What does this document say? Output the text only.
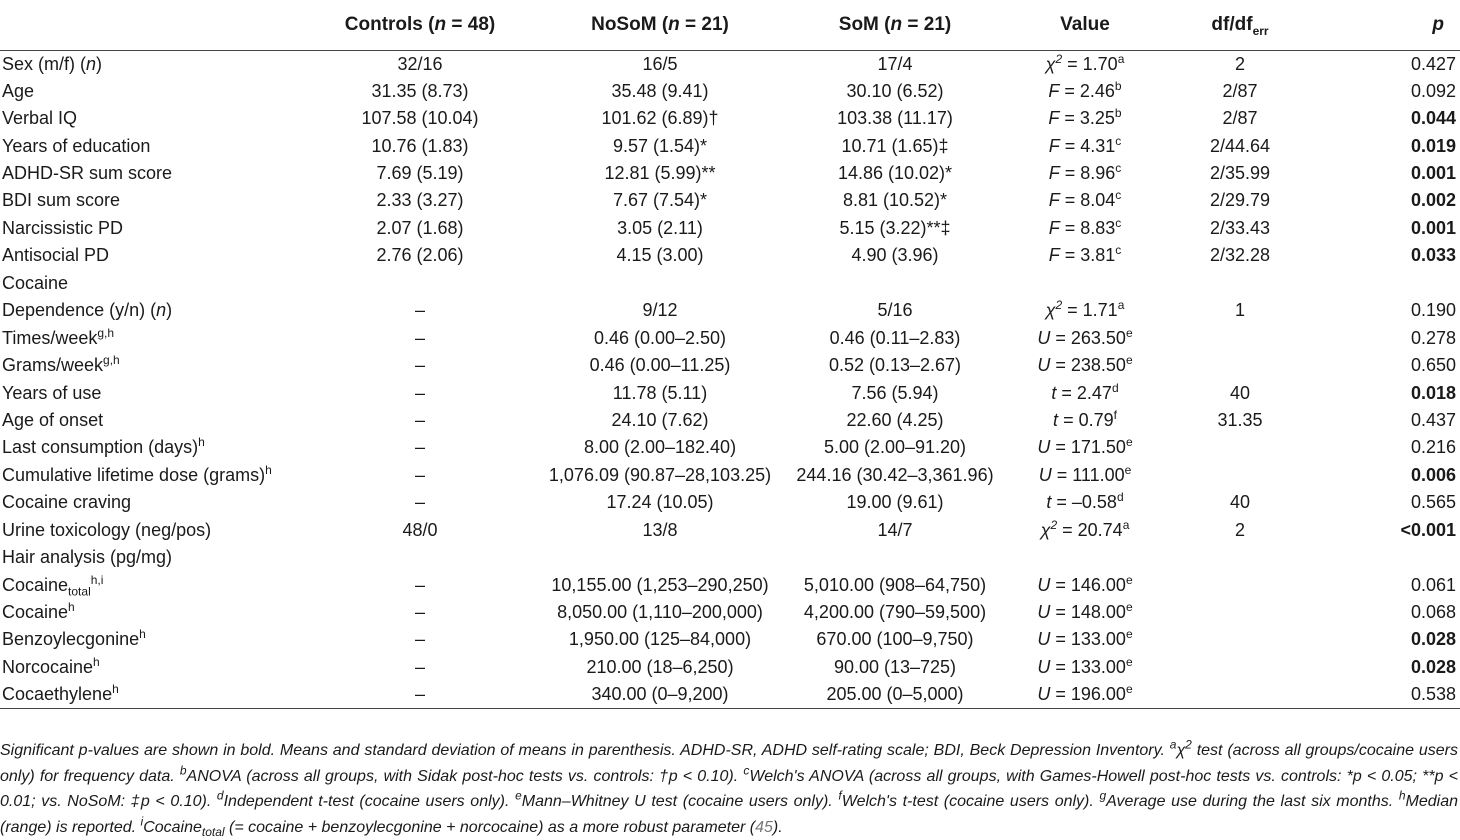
	Controls (n = 48)	NoSoM (n = 21)	SoM (n = 21)	Value	$df/df_{err}$	p
Sex (m/f) (n)	32/16	16/5	17/4	$\chi^2 = 1.70^a$	2	0.427
Age	31.35 (8.73)	35.48 (9.41)	30.10 (6.52)	F = 2.46$^b$	2/87	0.092
Verbal IQ	107.58 (10.04)	101.62 (6.89)†	103.38 (11.17)	F = 3.25$^b$	2/87	0.044
Years of education	10.76 (1.83)	9.57 (1.54)*	10.71 (1.65)‡	F = 4.31$^c$	2/44.64	0.019
ADHD-SR sum score	7.69 (5.19)	12.81 (5.99)**	14.86 (10.02)*	F = 8.96$^c$	2/35.99	0.001
BDI sum score	2.33 (3.27)	7.67 (7.54)*	8.81 (10.52)*	F = 8.04$^c$	2/29.79	0.002
Narcissistic PD	2.07 (1.68)	3.05 (2.11)	5.15 (3.22)**‡	F = 8.83$^c$	2/33.43	0.001
Antisocial PD	2.76 (2.06)	4.15 (3.00)	4.90 (3.96)	F = 3.81$^c$	2/32.28	0.033
Cocaine						
Dependence (y/n) (n)	–	9/12	5/16	$\chi^2 = 1.71^a$	1	0.190
Times/week$^{g,h}$	–	0.46 (0.00–2.50)	0.46 (0.11–2.83)	U = 263.50$^e$		0.278
Grams/week$^{g,h}$	–	0.46 (0.00–11.25)	0.52 (0.13–2.67)	U = 238.50$^e$		0.650
Years of use	–	11.78 (5.11)	7.56 (5.94)	t = 2.47$^d$	40	0.018
Age of onset	–	24.10 (7.62)	22.60 (4.25)	t = 0.79$^f$	31.35	0.437
Last consumption (days)$^h$	–	8.00 (2.00–182.40)	5.00 (2.00–91.20)	U = 171.50$^e$		0.216
Cumulative lifetime dose (grams)$^h$	–	1,076.09 (90.87–28,103.25)	244.16 (30.42–3,361.96)	U = 111.00$^e$		0.006
Cocaine craving	–	17.24 (10.05)	19.00 (9.61)	t = –0.58$^d$	40	0.565
Urine toxicology (neg/pos)	48/0	13/8	14/7	$\chi^2 = 20.74^a$	2	<0.001
Hair analysis (pg/mg)						
Cocaine$_{total}^{h,i}$	–	10,155.00 (1,253–290,250)	5,010.00 (908–64,750)	U = 146.00$^e$		0.061
Cocaine$^h$	–	8,050.00 (1,110–200,000)	4,200.00 (790–59,500)	U = 148.00$^e$		0.068
Benzoylecgonine$^h$	–	1,950.00 (125–84,000)	670.00 (100–9,750)	U = 133.00$^e$		0.028
Norcocaine$^h$	–	210.00 (18–6,250)	90.00 (13–725)	U = 133.00$^e$		0.028
Cocaethylene$^h$	–	340.00 (0–9,200)	205.00 (0–5,000)	U = 196.00$^e$		0.538
Significant p-values are shown in bold. Means and standard deviation of means in parenthesis. ADHD-SR, ADHD self-rating scale; BDI, Beck Depression Inventory. $^a\chi^2$ test (across all groups/cocaine users only) for frequency data. $^b$ANOVA (across all groups, with Sidak post-hoc tests vs. controls: †p < 0.10). $^c$Welch's ANOVA (across all groups, with Games-Howell post-hoc tests vs. controls: *p < 0.05; **p < 0.01; vs. NoSoM: ‡p < 0.10). $^d$Independent t-test (cocaine users only). $^e$Mann–Whitney U test (cocaine users only). $^f$Welch's t-test (cocaine users only). $^g$Average use during the last six months. $^h$Median (range) is reported. $^i$Cocaine$_{total}$ (= cocaine + benzoylecgonine + norcocaine) as a more robust parameter (45).
